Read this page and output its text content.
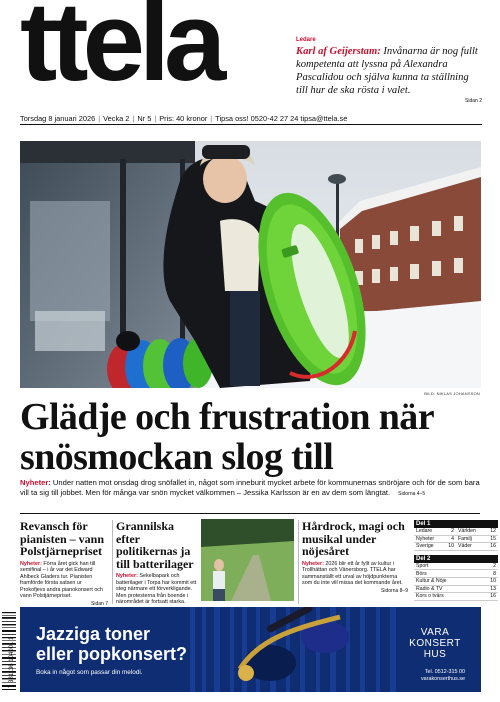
ttela	Ledare
Karl af Geijerstam: Invånarna är nog fullt kompetenta att lyssna på Alexandra Pascalidou och själva kunna ta ställning till hur de ska rösta i valet.
Sidan 2
Torsdag 8 januari 2026 | Vecka 2 | Nr 5 | Pris: 40 kronor | Tipsa oss! 0520-42 27 24 tipsa@ttela.se
BILD: NIKLAS JOHANSSON
Glädje och frustration när snösmockan slog till
Nyheter: Under natten mot onsdag drog snöfallet in, något som inneburit mycket arbete för kommunernas snöröjare och för de som bara vill ta sig till jobbet. Men för många var snön mycket välkommen – Jessika Karlsson är en av dem som längtat. Sidorna 4–5
Revansch för pianisten – vann Polstjärnepriset

Nyheter: Förra året gick han till semifinal – i år var det Edward Ahlbeck Gladers tur. Pianisten framförde första satsen ur Prokofjevs andra pianokonsert och vann Polstjärnepriset.
Sidan 7

Grannilska efter politikernas ja till batterilager

Nyheter: Sekelbapark och batterilager i Torpa har kommit ett steg närmare ett förverkligande. Men protesterna från boende i närområdet är fortsatt starka.

Hårdrock, magi och musikal under nöjesåret

Nyheter: 2026 blir ett år fyllt av kultur i Trollhättan och Vänersborg. TTELA har sammanställt ett urval av höjdpunkterna som du inte vill missa det kommande året.
Sidorna 8–9

Del 1
Ledare	2 Världen	12
Nyheter	4 Familj	15
Sverige	10 Väder	16
Del 2
Sport	2
Börs	8
Kultur & Nöje	10
Radio & TV	13
Kors o tvärs	16
7 381136 104001 1
Jazziga toner
eller popkonsert?
Boka in något som passar din melodi.
VARA
KONSERT
HUS
Tel. 0512-315 00
varakonserthus.se
